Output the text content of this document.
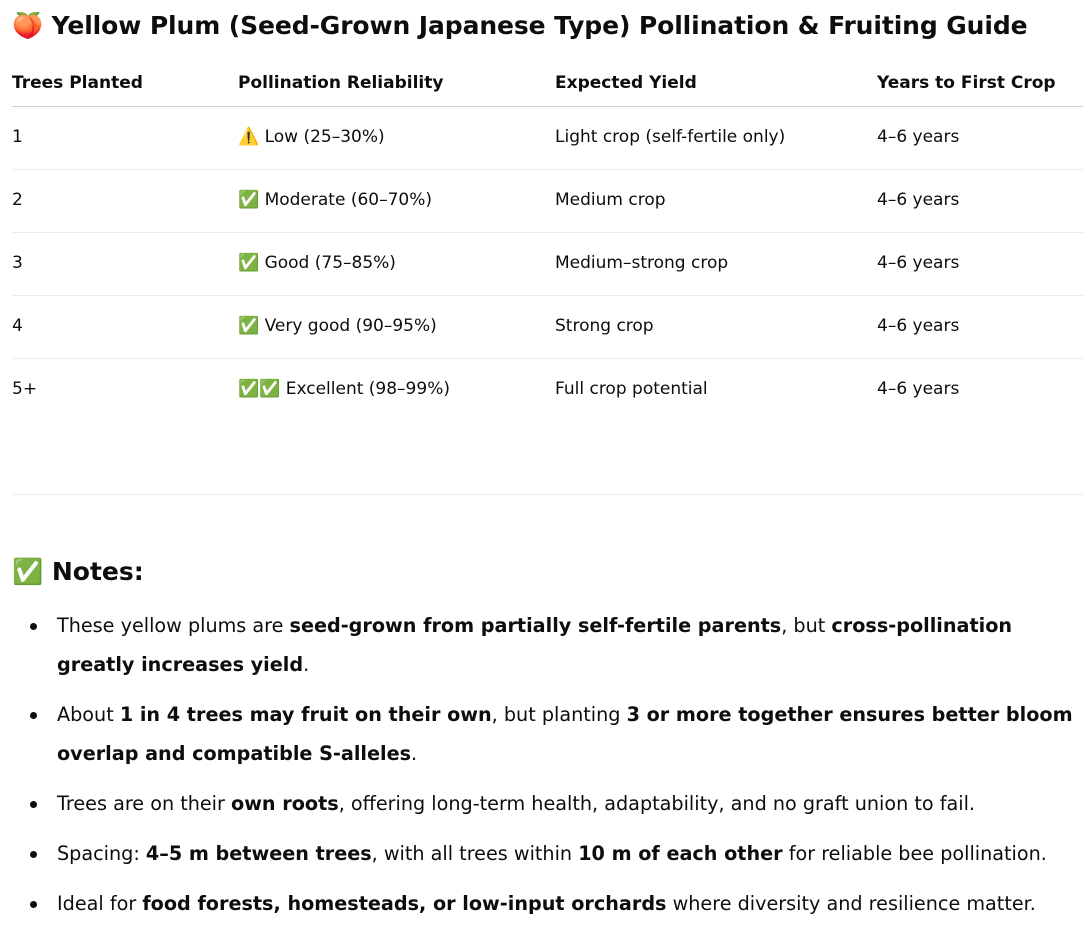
🍑 Yellow Plum (Seed-Grown Japanese Type) Pollination & Fruiting Guide
Trees Planted	Pollination Reliability	Expected Yield	Years to First Crop
1	⚠️ Low (25–30%)	Light crop (self-fertile only)	4–6 years
2	✅ Moderate (60–70%)	Medium crop	4–6 years
3	✅ Good (75–85%)	Medium–strong crop	4–6 years
4	✅ Very good (90–95%)	Strong crop	4–6 years
5+	✅✅ Excellent (98–99%)	Full crop potential	4–6 years
✅ Notes:
These yellow plums are seed-grown from partially self-fertile parents, but cross-pollination greatly increases yield.
About 1 in 4 trees may fruit on their own, but planting 3 or more together ensures better bloom overlap and compatible S-alleles.
Trees are on their own roots, offering long-term health, adaptability, and no graft union to fail.
Spacing: 4–5 m between trees, with all trees within 10 m of each other for reliable bee pollination.
Ideal for food forests, homesteads, or low-input orchards where diversity and resilience matter.
